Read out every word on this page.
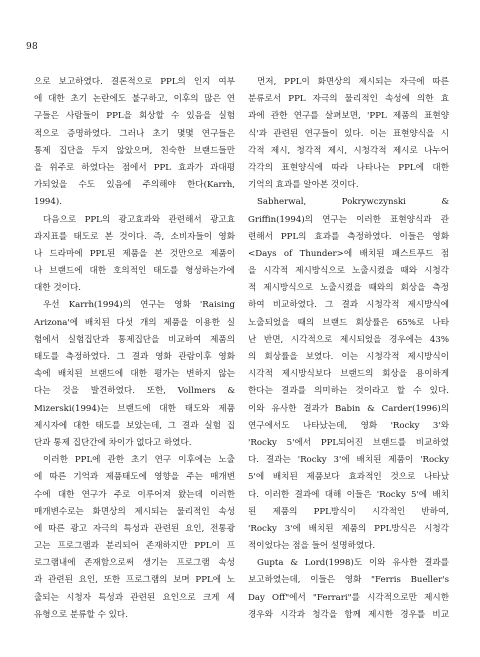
98
으로 보고하였다. 결론적으로 PPL의 인지 여부
에 대한 초기 논란에도 불구하고, 이후의 많은 연
구들은 사람들이 PPL을 회상할 수 있음을 실험
적으로 증명하였다. 그러나 초기 몇몇 연구들은
통제 집단을 두지 않았으며, 친숙한 브랜드들만
을 위주로 하였다는 점에서 PPL 효과가 과대평
가되었을 수도 있음에 주의해야 한다(Karrh,
1994).
다음으로 PPL의 광고효과와 관련해서 광고효
과지표를 태도로 본 것이다. 즉, 소비자들이 영화
나 드라마에 PPL된 제품을 본 것만으로 제품이
나 브랜드에 대한 호의적인 태도를 형성하는가에
대한 것이다.
우선 Karrh(1994)의 연구는 영화 'Raising
Arizona'에 배치된 다섯 개의 제품을 이용한 실
험에서 실험집단과 통제집단을 비교하여 제품의
태도를 측정하였다. 그 결과 영화 관람이후 영화
속에 배치된 브랜드에 대한 평가는 변하지 않는
다는 것을 발견하였다. 또한, Vollmers &
Mizerski(1994)는 브랜드에 대한 태도와 제품
제시자에 대한 태도를 보았는데, 그 결과 실험 집
단과 통제 집단간에 차이가 없다고 하였다.
이러한 PPL에 관한 초기 연구 이후에는 노출
에 따른 기억과 제품태도에 영향을 주는 매개변
수에 대한 연구가 주로 이루어져 왔는데 이러한
매개변수로는 화면상의 제시되는 물리적인 속성
에 따른 광고 자극의 특성과 관련된 요인, 전통광
고는 프로그램과 분리되어 존재하지만 PPL이 프
로그램내에 존재함으로써 생기는 프로그램 속성
과 관련된 요인, 또한 프로그램의 보며 PPL에 노
출되는 시청자 특성과 관련된 요인으로 크게 세
유형으로 분류할 수 있다.
먼저, PPL이 화면상의 제시되는 자극에 따른
분류로서 PPL 자극의 물리적인 속성에 의한 효
과에 관한 연구를 살펴보면, 'PPL 제품의 표현양
식'과 관련된 연구들이 있다. 이는 표현양식을 시
각적 제시, 청각적 제시, 시청각적 제시로 나누어
각각의 표현양식에 따라 나타나는 PPL에 대한
기억의 효과를 알아본 것이다.
Sabherwal, Pokrywczynski &
Griffin(1994)의 연구는 이러한 표현양식과 관
련해서 PPL의 효과를 측정하였다. 이들은 영화
<Days of Thunder>에 배치된 패스트푸드 점
을 시각적 제시방식으로 노출시켰을 때와 시청각
적 제시방식으로 노출시켰을 때와의 회상을 측정
하여 비교하였다. 그 결과 시청각적 제시방식에
노출되었을 때의 브랜드 회상률은 65%로 나타
난 반면, 시각적으로 제시되었을 경우에는 43%
의 회상률을 보였다. 이는 시청각적 제시방식이
시각적 제시방식보다 브랜드의 회상을 용이하게
한다는 결과를 의미하는 것이라고 할 수 있다.
이와 유사한 결과가 Babin & Carder(1996)의
연구에서도 나타났는데, 영화 'Rocky 3'와
'Rocky 5'에서 PPL되어진 브랜드를 비교하였
다. 결과는 'Rocky 3'에 배치된 제품이 'Rocky
5'에 배치된 제품보다 효과적인 것으로 나타났
다. 이러한 결과에 대해 이들은 'Rocky 5'에 배치
된 제품의 PPL방식이 시각적인 반하여,
'Rocky 3'에 배치된 제품의 PPL방식은 시청각
적이었다는 점을 들어 설명하였다.
Gupta & Lord(1998)도 이와 유사한 결과를
보고하였는데, 이들은 영화 "Ferris Bueller's
Day Off"에서 "Ferrari"를 시각적으로만 제시한
경우와 시각과 청각을 함께 제시한 경우를 비교
